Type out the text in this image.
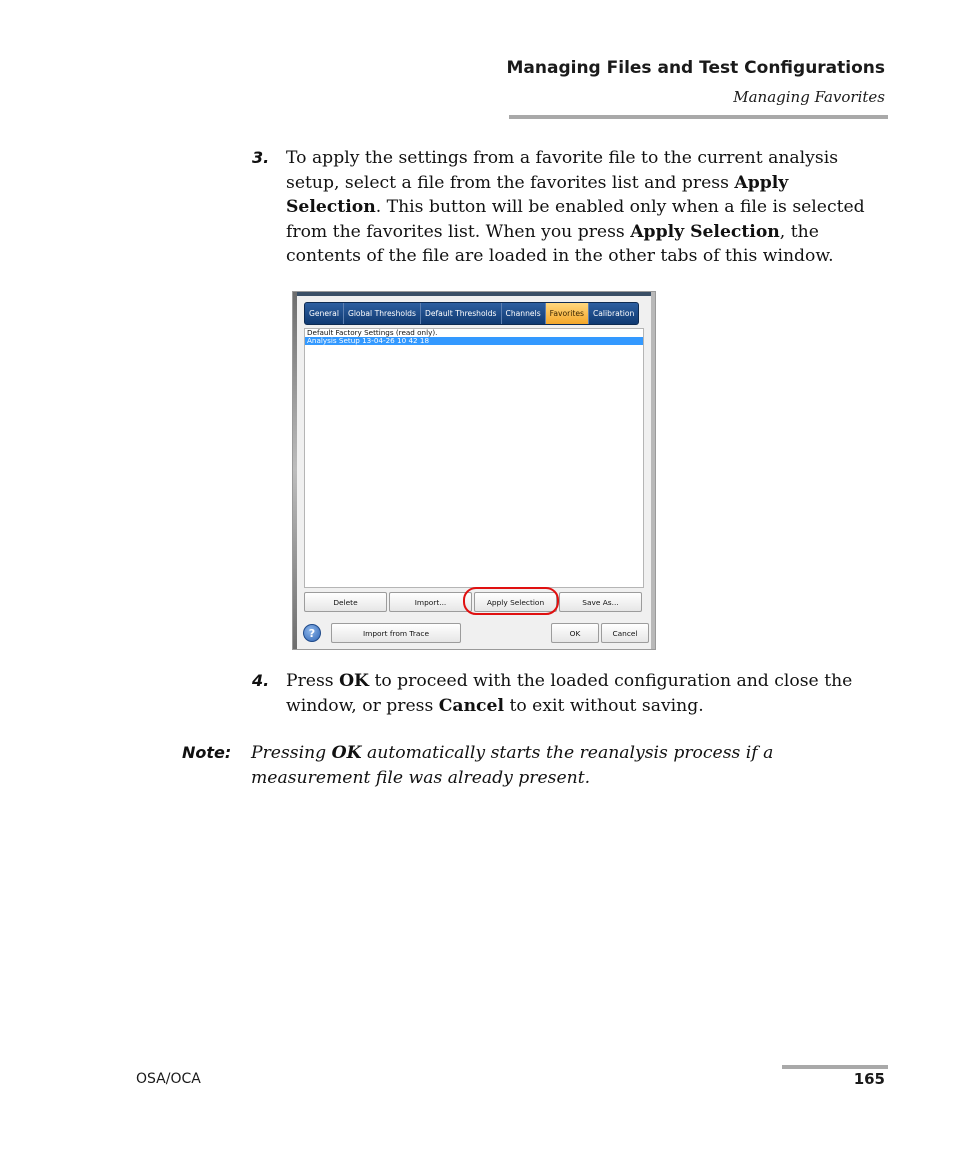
Managing Files and Test Configurations
Managing Favorites
3. To apply the settings from a favorite file to the current analysis setup, select a file from the favorites list and press Apply Selection. This button will be enabled only when a file is selected from the favorites list. When you press Apply Selection, the contents of the file are loaded in the other tabs of this window.
General	Global Thresholds	Default Thresholds	Channels	Favorites	Calibration
Default Factory Settings (read only).
Analysis Setup 13-04-26 10 42 18
Delete	Import...	Apply Selection	Save As...
?	Import from Trace	OK	Cancel
4. Press OK to proceed with the loaded configuration and close the window, or press Cancel to exit without saving.
Note: Pressing OK automatically starts the reanalysis process if a measurement file was already present.
OSA/OCA	165
